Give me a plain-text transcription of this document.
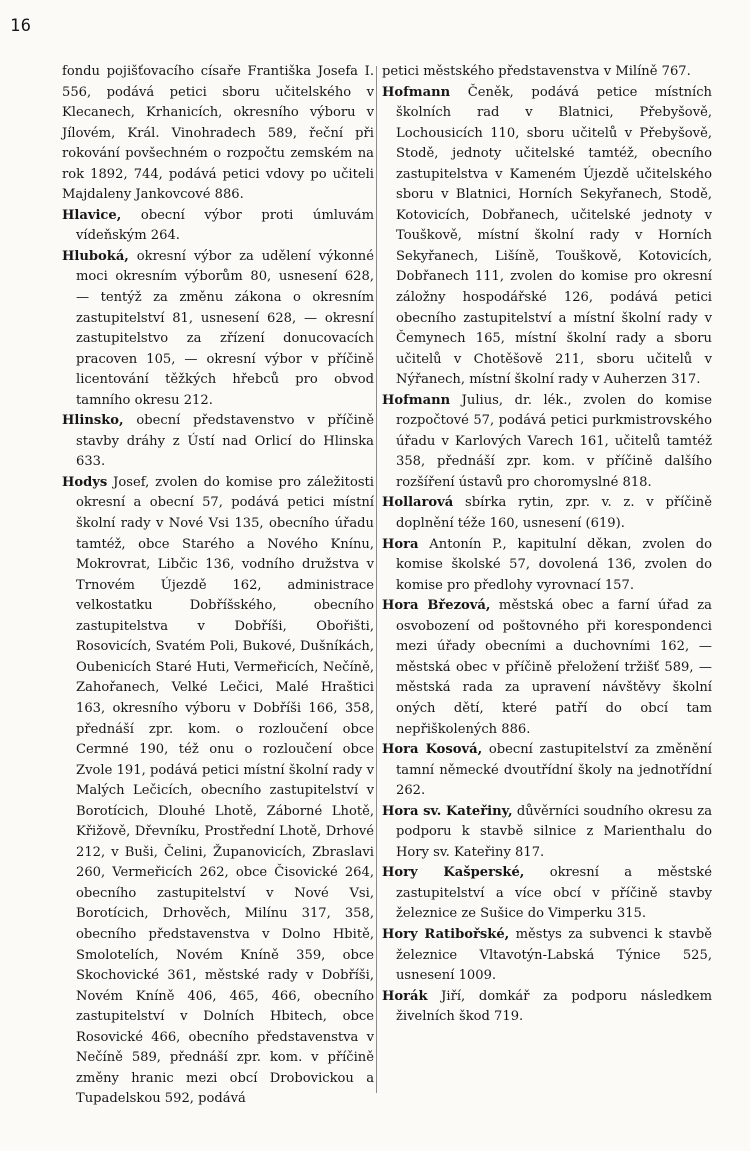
16

fondu pojišťovacího císaře Františka Josefa I. 556, podává petici sboru učitelského v Klecanech, Krhanicích, okresního výboru v Jílovém, Král. Vinohradech 589, řeční při rokování povšechném o rozpočtu zemském na rok 1892, 744, podává petici vdovy po učiteli Majdaleny Jankovcové 886.

Hlavice, obecní výbor proti úmluvám vídeňským 264.

Hluboká, okresní výbor za udělení výkonné moci okresním výborům 80, usnesení 628, — tentýž za změnu zákona o okresním zastupitelství 81, usnesení 628, — okresní zastupitelstvo za zřízení donucovacích pracoven 105, — okresní výbor v příčině licentování těžkých hřebců pro obvod tamního okresu 212.

Hlinsko, obecní představenstvo v příčině stavby dráhy z Ústí nad Orlicí do Hlinska 633.

Hodys Josef, zvolen do komise pro záležitosti okresní a obecní 57, podává petici místní školní rady v Nové Vsi 135, obecního úřadu tamtéž, obce Starého a Nového Knínu, Mokrovrat, Libčic 136, vodního družstva v Trnovém Újezdě 162, administrace velkostatku Dobříšského, obecního zastupitelstva v Dobříši, Obořišti, Rosovicích, Svatém Poli, Bukové, Dušníkách, Oubenicích Staré Huti, Vermeřicích, Nečíně, Zahořanech, Velké Lečici, Malé Hraštici 163, okresního výboru v Dobříši 166, 358, přednáší zpr. kom. o rozloučení obce Cermné 190, též onu o rozloučení obce Zvole 191, podává petici místní školní rady v Malých Lečicích, obecního zastupitelství v Borotícich, Dlouhé Lhotě, Záborné Lhotě, Křižově, Dřevníku, Prostřední Lhotě, Drhové 212, v Buši, Čelini, Županovicích, Zbraslavi 260, Vermeřicích 262, obce Čisovické 264, obecního zastupitelství v Nové Vsi, Borotícich, Drhověch, Milínu 317, 358, obecního představenstva v Dolno Hbitě, Smolotelích, Novém Kníně 359, obce Skochovické 361, městské rady v Dobříši, Novém Kníně 406, 465, 466, obecního zastupitelství v Dolních Hbitech, obce Rosovické 466, obecního představenstva v Nečíně 589, přednáší zpr. kom. v příčině změny hranic mezi obcí Drobovickou a Tupadelskou 592, podává

petici městského představenstva v Milíně 767.

Hofmann Čeněk, podává petice místních školních rad v Blatnici, Přebyšově, Lochousicích 110, sboru učitelů v Přebyšově, Stodě, jednoty učitelské tamtéž, obecního zastupitelstva v Kameném Újezdě učitelského sboru v Blatnici, Horních Sekyřanech, Stodě, Kotovicích, Dobřanech, učitelské jednoty v Touškově, místní školní rady v Horních Sekyřanech, Lišíně, Touškově, Kotovicích, Dobřanech 111, zvolen do komise pro okresní záložny hospodářské 126, podává petici obecního zastupitelství a místní školní rady v Čemynech 165, místní školní rady a sboru učitelů v Chotěšově 211, sboru učitelů v Nýřanech, místní školní rady v Auherzen 317.

Hofmann Julius, dr. lék., zvolen do komise rozpočtové 57, podává petici purkmistrovského úřadu v Karlových Varech 161, učitelů tamtéž 358, přednáší zpr. kom. v příčině dalšího rozšíření ústavů pro choromyslné 818.

Hollarová sbírka rytin, zpr. v. z. v příčině doplnění téže 160, usnesení (619).

Hora Antonín P., kapitulní děkan, zvolen do komise školské 57, dovolená 136, zvolen do komise pro předlohy vyrovnací 157.

Hora Březová, městská obec a farní úřad za osvobození od poštovného při korespondenci mezi úřady obecními a duchovními 162, — městská obec v příčině přeložení tržišť 589, — městská rada za upravení návštěvy školní oných dětí, které patří do obcí tam nepřiškolených 886.

Hora Kosová, obecní zastupitelství za změnění tamní německé dvoutřídní školy na jednotřídní 262.

Hora sv. Kateřiny, důvěrníci soudního okresu za podporu k stavbě silnice z Marienthalu do Hory sv. Kateřiny 817.

Hory Kašperské, okresní a městské zastupitelství a více obcí v příčině stavby železnice ze Sušice do Vimperku 315.

Hory Ratibořské, městys za subvenci k stavbě železnice Vltavotýn-Labská Týnice 525, usnesení 1009.

Horák Jiří, domkář za podporu následkem živelních škod 719.
